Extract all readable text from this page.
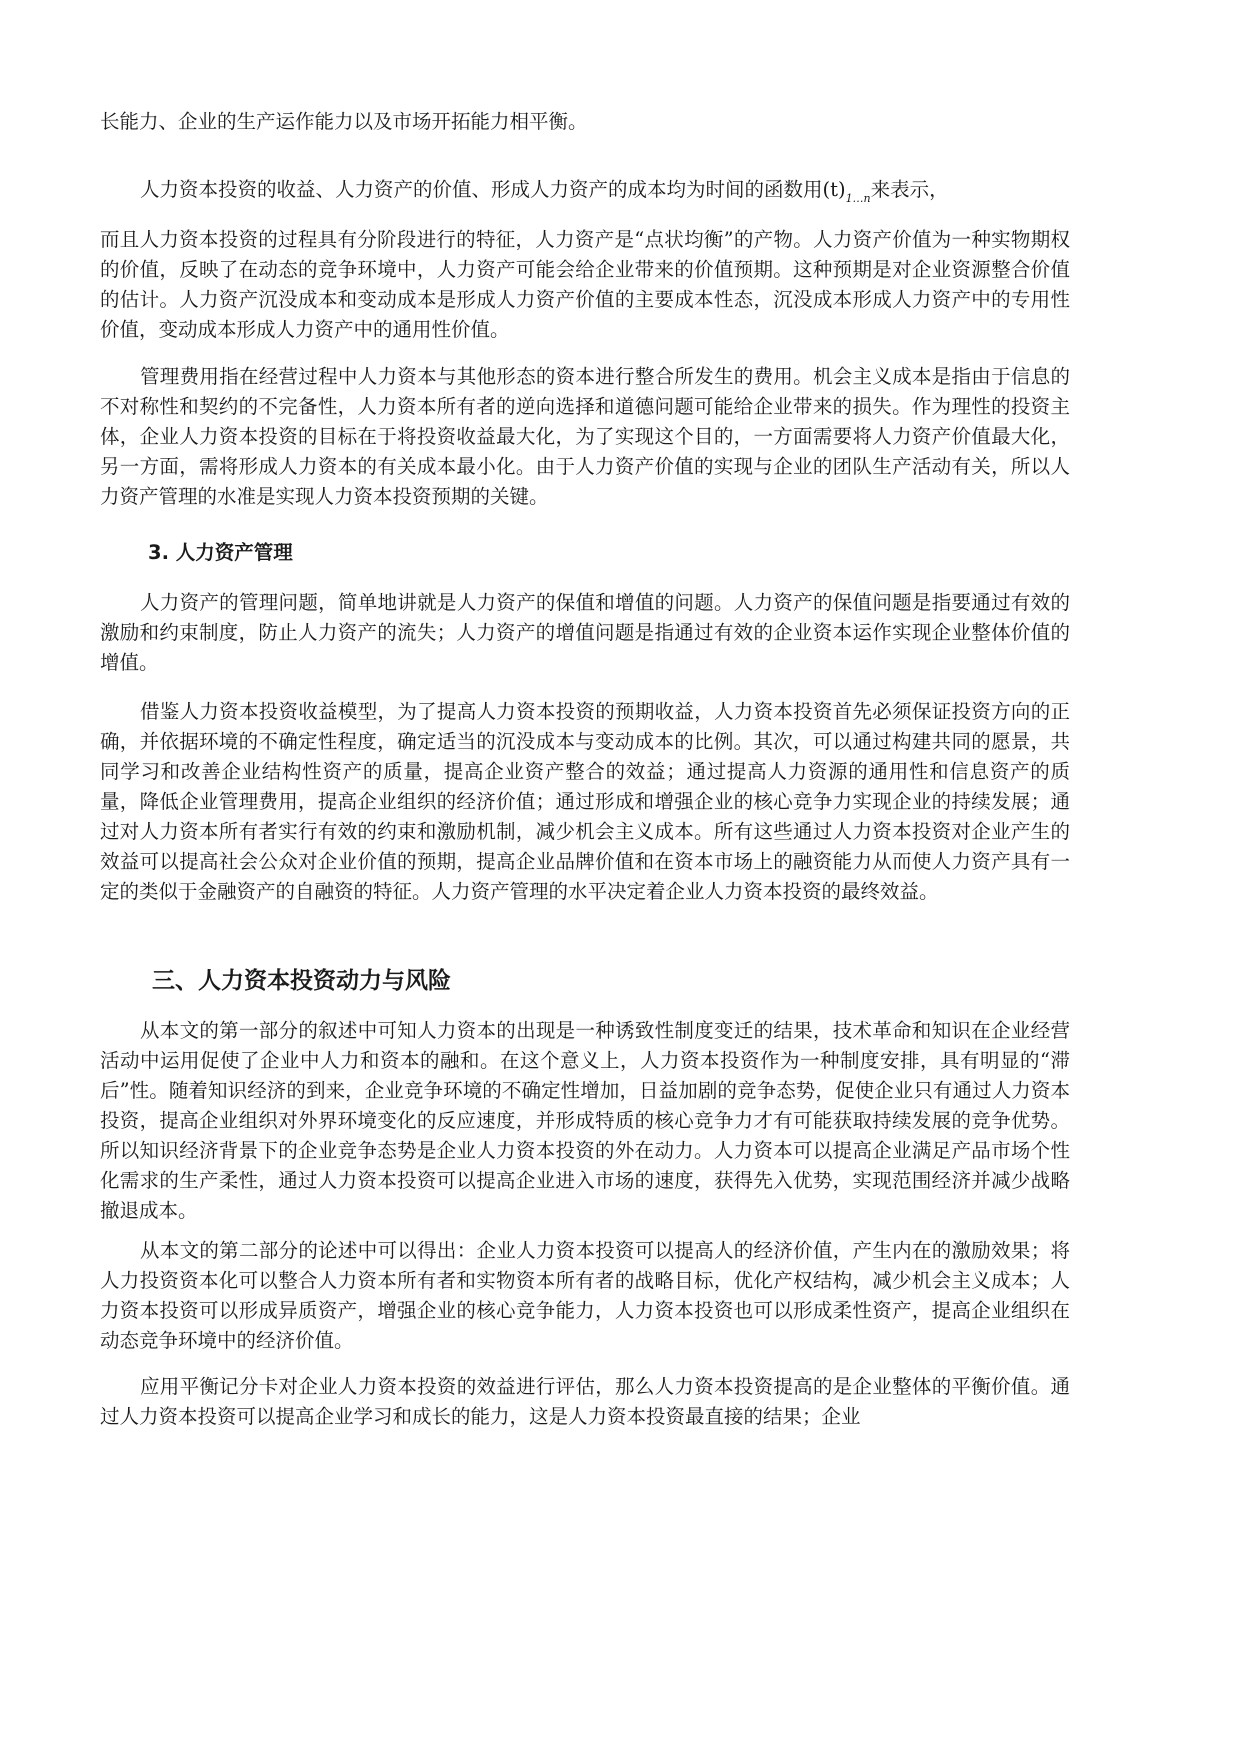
长能力、企业的生产运作能力以及市场开拓能力相平衡。

人力资本投资的收益、人力资产的价值、形成人力资产的成本均为时间的函数用$(t)_{1\dots n}$来表示，

而且人力资本投资的过程具有分阶段进行的特征，人力资产是“点状均衡”的产物。人力资产价值为一种实物期权的价值，反映了在动态的竞争环境中，人力资产可能会给企业带来的价值预期。这种预期是对企业资源整合价值的估计。人力资产沉没成本和变动成本是形成人力资产价值的主要成本性态，沉没成本形成人力资产中的专用性价值，变动成本形成人力资产中的通用性价值。

管理费用指在经营过程中人力资本与其他形态的资本进行整合所发生的费用。机会主义成本是指由于信息的不对称性和契约的不完备性，人力资本所有者的逆向选择和道德问题可能给企业带来的损失。作为理性的投资主体，企业人力资本投资的目标在于将投资收益最大化，为了实现这个目的，一方面需要将人力资产价值最大化，另一方面，需将形成人力资本的有关成本最小化。由于人力资产价值的实现与企业的团队生产活动有关，所以人力资产管理的水准是实现人力资本投资预期的关键。

3. 人力资产管理

人力资产的管理问题，简单地讲就是人力资产的保值和增值的问题。人力资产的保值问题是指要通过有效的激励和约束制度，防止人力资产的流失；人力资产的增值问题是指通过有效的企业资本运作实现企业整体价值的增值。

借鉴人力资本投资收益模型，为了提高人力资本投资的预期收益，人力资本投资首先必须保证投资方向的正确，并依据环境的不确定性程度，确定适当的沉没成本与变动成本的比例。其次，可以通过构建共同的愿景，共同学习和改善企业结构性资产的质量，提高企业资产整合的效益；通过提高人力资源的通用性和信息资产的质量，降低企业管理费用，提高企业组织的经济价值；通过形成和增强企业的核心竞争力实现企业的持续发展；通过对人力资本所有者实行有效的约束和激励机制，减少机会主义成本。所有这些通过人力资本投资对企业产生的效益可以提高社会公众对企业价值的预期，提高企业品牌价值和在资本市场上的融资能力从而使人力资产具有一定的类似于金融资产的自融资的特征。人力资产管理的水平决定着企业人力资本投资的最终效益。

三、人力资本投资动力与风险

从本文的第一部分的叙述中可知人力资本的出现是一种诱致性制度变迁的结果，技术革命和知识在企业经营活动中运用促使了企业中人力和资本的融和。在这个意义上，人力资本投资作为一种制度安排，具有明显的“滞后”性。随着知识经济的到来，企业竞争环境的不确定性增加，日益加剧的竞争态势，促使企业只有通过人力资本投资，提高企业组织对外界环境变化的反应速度，并形成特质的核心竞争力才有可能获取持续发展的竞争优势。所以知识经济背景下的企业竞争态势是企业人力资本投资的外在动力。人力资本可以提高企业满足产品市场个性化需求的生产柔性，通过人力资本投资可以提高企业进入市场的速度，获得先入优势，实现范围经济并减少战略撤退成本。

从本文的第二部分的论述中可以得出：企业人力资本投资可以提高人的经济价值，产生内在的激励效果；将人力投资资本化可以整合人力资本所有者和实物资本所有者的战略目标，优化产权结构，减少机会主义成本；人力资本投资可以形成异质资产，增强企业的核心竞争能力，人力资本投资也可以形成柔性资产，提高企业组织在动态竞争环境中的经济价值。

应用平衡记分卡对企业人力资本投资的效益进行评估，那么人力资本投资提高的是企业整体的平衡价值。通过人力资本投资可以提高企业学习和成长的能力，这是人力资本投资最直接的结果；企业
